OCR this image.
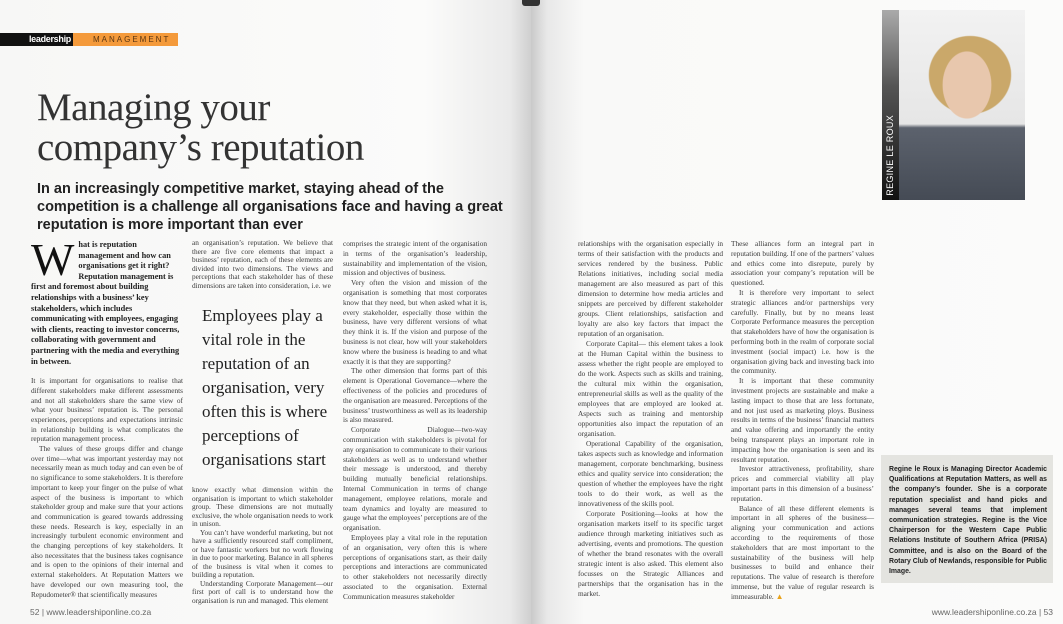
leadership	MANAGEMENT
Managing your company’s reputation
In an increasingly competitive market, staying ahead of the competition is a challenge all organisations face and having a great reputation is more important than ever
What is reputation management and how can organisations get it right? Reputation management is first and foremost about building relationships with a business’ key stakeholders, which includes communicating with employees, engaging with clients, reacting to investor concerns, collaborating with government and partnering with the media and everything in between.

It is important for organisations to realise that different stakeholders make different assessments and not all stakeholders share the same view of what your business’ reputation is. The personal experiences, perceptions and expectations intrinsic in relationship building is what complicates the reputation management process.

The values of these groups differ and change over time—what was important yesterday may not necessarily mean as much today and can even be of no significance to some stakeholders. It is therefore important to keep your finger on the pulse of what aspect of the business is important to which stakeholder group and make sure that your actions and communication is geared towards addressing these needs. Research is key, especially in an increasingly turbulent economic environment and the changing perceptions of key stakeholders. It also necessitates that the business takes cognisance and is open to the opinions of their internal and external stakeholders. At Reputation Matters we have developed our own measuring tool, the Repudometer® that scientifically measures

an organisation’s reputation. We believe that there are five core elements that impact a business’ reputation, each of these elements are divided into two dimensions. The views and perceptions that each stakeholder has of these dimensions are taken into consideration, i.e. we

Employees play a vital role in the reputation of an organisation, very often this is where perceptions of organisations start

know exactly what dimension within the organisation is important to which stakeholder group. These dimensions are not mutually exclusive, the whole organisation needs to work in unison.

You can’t have wonderful marketing, but not have a sufficiently resourced staff compliment, or have fantastic workers but no work flowing in due to poor marketing. Balance in all spheres of the business is vital when it comes to building a reputation.

Understanding Corporate Management—our first port of call is to understand how the organisation is run and managed. This element

comprises the strategic intent of the organisation in terms of the organisation’s leadership, sustainability and implementation of the vision, mission and objectives of business.

Very often the vision and mission of the organisation is something that most corporates know that they need, but when asked what it is, every stakeholder, especially those within the business, have very different versions of what they think it is. If the vision and purpose of the business is not clear, how will your stakeholders know where the business is heading to and what exactly it is that they are supporting?

The other dimension that forms part of this element is Operational Governance—where the effectiveness of the policies and procedures of the organisation are measured. Perceptions of the business’ trustworthiness as well as its leadership is also measured.

Corporate Dialogue—two-way communication with stakeholders is pivotal for any organisation to communicate to their various stakeholders as well as to understand whether their message is understood, and thereby building mutually beneficial relationships. Internal Communication in terms of change management, employee relations, morale and team dynamics and loyalty are measured to gauge what the employees’ perceptions are of the organisation.

Employees play a vital role in the reputation of an organisation, very often this is where perceptions of organisations start, as their daily perceptions and interactions are communicated to other stakeholders not necessarily directly associated to the organisation. External Communication measures stakeholder

relationships with the organisation especially in terms of their satisfaction with the products and services rendered by the business. Public Relations initiatives, including social media management are also measured as part of this dimension to determine how media articles and snippets are perceived by different stakeholder groups. Client relationships, satisfaction and loyalty are also key factors that impact the reputation of an organisation.

Corporate Capital— this element takes a look at the Human Capital within the business to assess whether the right people are employed to do the work. Aspects such as skills and training, the cultural mix within the organisation, entrepreneurial skills as well as the quality of the employees that are employed are looked at. Aspects such as training and mentorship opportunities also impact the reputation of an organisation.

Operational Capability of the organisation, takes aspects such as knowledge and information management, corporate benchmarking, business ethics and quality service into consideration; the question of whether the employees have the right tools to do their work, as well as the innovativeness of the skills pool.

Corporate Positioning—looks at how the organisation markets itself to its specific target audience through marketing initiatives such as advertising, events and promotions. The question of whether the brand resonates with the overall strategic intent is also asked. This element also focusses on the Strategic Alliances and partnerships that the organisation has in the market.

These alliances form an integral part in reputation building. If one of the partners’ values and ethics come into disrepute, purely by association your company’s reputation will be questioned.

It is therefore very important to select strategic alliances and/or partnerships very carefully. Finally, but by no means least Corporate Performance measures the perception that stakeholders have of how the organisation is performing both in the realm of corporate social investment (social impact) i.e. how is the organisation giving back and investing back into the community.

It is important that these community investment projects are sustainable and make a lasting impact to those that are less fortunate, and not just used as marketing ploys. Business results in terms of the business’ financial matters and value offering and importantly the entity being transparent plays an important role in impacting how the organisation is seen and its resultant reputation.

Investor attractiveness, profitability, share prices and commercial viability all play important parts in this dimension of a business’ reputation.

Balance of all these different elements is important in all spheres of the business—aligning your communication and actions according to the requirements of those stakeholders that are most important to the sustainability of the business will help businesses to build and enhance their reputations. The value of research is therefore immense, but the value of regular research is immeasurable. ▲

REGINE LE ROUX
Regine le Roux is Managing Director Academic Qualifications at Reputation Matters, as well as the company’s founder. She is a corporate reputation specialist and hand picks and manages several teams that implement communication strategies. Regine is the Vice Chairperson for the Western Cape Public Relations Institute of Southern Africa (PRISA) Committee, and is also on the Board of the Rotary Club of Newlands, responsible for Public Image.
52 | www.leadershiponline.co.za	www.leadershiponline.co.za | 53
